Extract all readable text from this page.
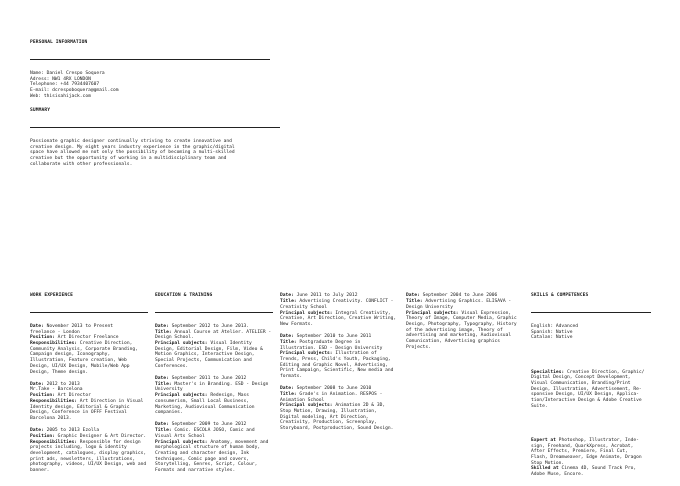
PERSONAL INFORMATION

Name: Daniel Crespo Soquera
Adress: NW1 4RX LONDON
Telephone: +44 7934407607
E-mail: dcrespoboquera@gmail.com
Web: thisisahijack.com

SUMMARY

Passionate graphic designer continually striving to create innovative and
creative design. My eight years industry experience in the graphic/digital
space have allowed me not only the possibility of becoming a multi-skilled
creative but the opportunity of working in a multidisciplinary team and
collaborate with other professionals.

WORK EXPERIENCE

Date: November 2013 to Present
freelance - London
Position: Art Director Freelance
Responsibilities: Creative Direction,
Community Analysis, Corporate Branding,
Campaign design, Iconography,
Illustration, Feature creation, Web
Design, UI/UX Design, Mobile/Web App
Design, Theme design.
Date: 2012 to 2013
Mr.Take - Barcelona
Position: Art Director
Responsibilities: Art Direction in Visual
Identity design, Editorial & Graphic
Design, Conference in OFFF Festival
Barcelona 2013.
Date: 2005 to 2013 Ezolla
Position: Graphic Designer & Art Director.
Responsibilities: Responsible for design
projects including, logo & identity
development, catalogues, display graphics,
print ads, newsletters, illustrations,
photography, videos, UI/UX Design, web and
banner.

EDUCATION & TRAINING

Date: September 2012 to June 2013.
Title: Annual Course at Atelier. ATELIER -
Design School.
Principal subjects: Visual Identity
Design, Editorial Design, Film, Video &
Motion Graphics, Interactive Design,
Special Projects, Communication and
Conferences.
Date: September 2011 to June 2012
Title: Master's in Branding. ESD - Design
University
Principal subjects: Redesign, Mass
consumerism, Small Local Business,
Marketing, Audiovisual Communication
companies.
Date: September 2009 to June 2012
Title: Comic. ESCOLA JOSO, Comic and
Visual Arts School
Principal subjects: Anatomy, movement and
morphological structure of human body,
Creating and character design, Ink
techniques, Comic page and covers,
Storytelling, Genres, Script, Colour,
Formats and narrative styles.

Date: June 2011 to July 2012
Title: Advertising Creativity. CONFLICT -
Creativity School
Principal subjects: Integral Creativity,
Creative, Art Direction, Creative Writing,
New Formats.
Date: September 2010 to June 2011
Title: Postgraduate Degree in
Illustration. ESD - Design University
Principal subjects: Illustration of
Trends, Press, Child's Youth, Packaging,
Editing and Graphic Novel, Advertising,
Print Campaign, Scientific, New media and
formats.
Date: September 2008 to June 2010
Title: Grade's in Animation. RESPOS -
Animation School
Principal subjects: Animation 2D & 3D,
Stop Motion, Drawing, Illustration,
Digital modeling, Art Direction,
Creativity, Production, Screenplay,
Storyboard, Postproduction, Sound Design.

Date: September 2004 to June 2006
Title: Advertising Graphics. ELISAVA -
Design University
Principal subjects: Visual Expression,
Theory of Image, Computer Media, Graphic
Design, Photography, Typography, History
of the advertising image, Theory of
advertising and marketing, Audiovisual
Comunication, Advertising graphics
Projects.

SKILLS & COMPETENCES

English: Advanced
Spanish: Native
Catalan: Native

Specialties: Creative Direction, Graphic/
Digital Design, Concept Development,
Visual Communication, Branding/Print
Design, Illustration, Advertisement, Re-
sponsive Design, UI/UX Design, Applica-
tion/Interactive Design & Adobe Creative
Suite.

Expert at Photoshop, Illustrator, Inde-
sign, Freehand, QuarkXpress, Acrobat,
After Effects, Premiere, Final Cut,
Flash, Dreamweaver, Edge Animate, Dragon
Stop Motion.
Skilled at Cinema 4D, Sound Track Pro,
Adobe Muse, Encore.
